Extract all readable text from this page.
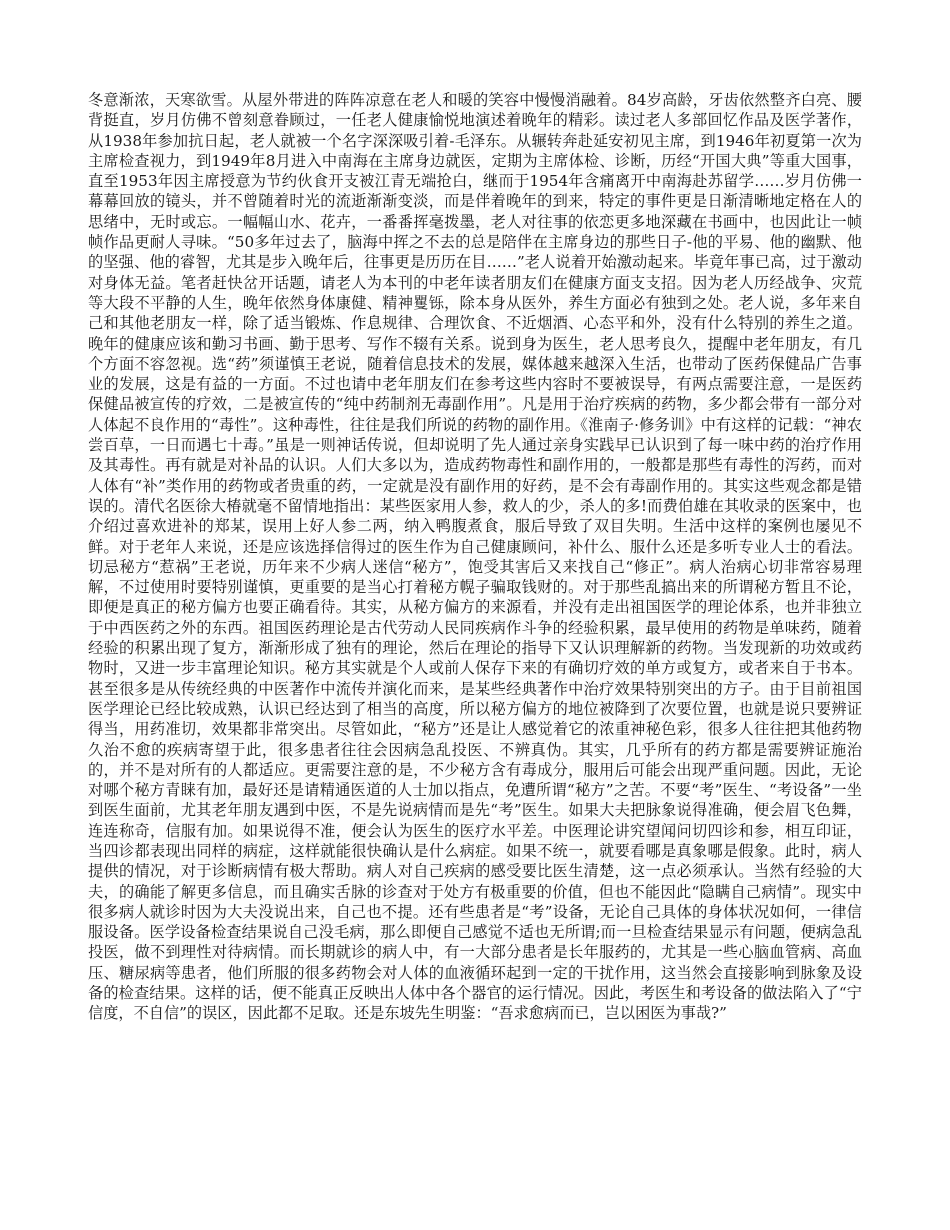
冬意渐浓，天寒欲雪。从屋外带进的阵阵凉意在老人和暖的笑容中慢慢消融着。84岁高龄，牙齿依然整齐白亮、腰背挺直，岁月仿佛不曾刻意眷顾过，一任老人健康愉悦地演述着晚年的精彩。读过老人多部回忆作品及医学著作，从1938年参加抗日起，老人就被一个名字深深吸引着-毛泽东。从辗转奔赴延安初见主席，到1946年初夏第一次为主席检查视力，到1949年8月进入中南海在主席身边就医，定期为主席体检、诊断，历经“开国大典”等重大国事，直至1953年因主席授意为节约伙食开支被江青无端抢白，继而于1954年含痛离开中南海赴苏留学……岁月仿佛一幕幕回放的镜头，并不曾随着时光的流逝渐渐变淡，而是伴着晚年的到来，特定的事件更是日渐清晰地定格在人的思绪中，无时或忘。一幅幅山水、花卉，一番番挥毫拨墨，老人对往事的依恋更多地深藏在书画中，也因此让一帧帧作品更耐人寻味。“50多年过去了，脑海中挥之不去的总是陪伴在主席身边的那些日子-他的平易、他的幽默、他的坚强、他的睿智，尤其是步入晚年后，往事更是历历在目……”老人说着开始激动起来。毕竟年事已高，过于激动对身体无益。笔者赶快岔开话题，请老人为本刊的中老年读者朋友们在健康方面支支招。因为老人历经战争、灾荒等大段不平静的人生，晚年依然身体康健、精神矍铄，除本身从医外，养生方面必有独到之处。老人说，多年来自己和其他老朋友一样，除了适当锻炼、作息规律、合理饮食、不近烟酒、心态平和外，没有什么特别的养生之道。晚年的健康应该和勤习书画、勤于思考、写作不辍有关系。说到身为医生，老人思考良久，提醒中老年朋友，有几个方面不容忽视。选“药”须谨慎王老说，随着信息技术的发展，媒体越来越深入生活，也带动了医药保健品广告事业的发展，这是有益的一方面。不过也请中老年朋友们在参考这些内容时不要被误导，有两点需要注意，一是医药保健品被宣传的疗效，二是被宣传的“纯中药制剂无毒副作用”。凡是用于治疗疾病的药物，多少都会带有一部分对人体起不良作用的“毒性”。这种毒性，往往是我们所说的药物的副作用。《淮南子·修务训》中有这样的记载：“神农尝百草，一日而遇七十毒。”虽是一则神话传说，但却说明了先人通过亲身实践早已认识到了每一味中药的治疗作用及其毒性。再有就是对补品的认识。人们大多以为，造成药物毒性和副作用的，一般都是那些有毒性的泻药，而对人体有“补”类作用的药物或者贵重的药，一定就是没有副作用的好药，是不会有毒副作用的。其实这些观念都是错误的。清代名医徐大椿就毫不留情地指出：某些医家用人参，救人的少，杀人的多!而费伯雄在其收录的医案中，也介绍过喜欢进补的郑某，误用上好人参二两，纳入鸭腹煮食，服后导致了双目失明。生活中这样的案例也屡见不鲜。对于老年人来说，还是应该选择信得过的医生作为自己健康顾问，补什么、服什么还是多听专业人士的看法。切忌秘方“惹祸”王老说，历年来不少病人迷信“秘方”，饱受其害后又来找自己“修正”。病人治病心切非常容易理解，不过使用时要特别谨慎，更重要的是当心打着秘方幌子骗取钱财的。对于那些乱搞出来的所谓秘方暂且不论，即便是真正的秘方偏方也要正确看待。其实，从秘方偏方的来源看，并没有走出祖国医学的理论体系，也并非独立于中西医药之外的东西。祖国医药理论是古代劳动人民同疾病作斗争的经验积累，最早使用的药物是单味药，随着经验的积累出现了复方，渐渐形成了独有的理论，然后在理论的指导下又认识理解新的药物。当发现新的功效或药物时，又进一步丰富理论知识。秘方其实就是个人或前人保存下来的有确切疗效的单方或复方，或者来自于书本。甚至很多是从传统经典的中医著作中流传并演化而来，是某些经典著作中治疗效果特别突出的方子。由于目前祖国医学理论已经比较成熟，认识已经达到了相当的高度，所以秘方偏方的地位被降到了次要位置，也就是说只要辨证得当，用药准切，效果都非常突出。尽管如此，“秘方”还是让人感觉着它的浓重神秘色彩，很多人往往把其他药物久治不愈的疾病寄望于此，很多患者往往会因病急乱投医、不辨真伪。其实，几乎所有的药方都是需要辨证施治的，并不是对所有的人都适应。更需要注意的是，不少秘方含有毒成分，服用后可能会出现严重问题。因此，无论对哪个秘方青睐有加，最好还是请精通医道的人士加以指点，免遭所谓“秘方”之苦。不要“考”医生、“考设备”一坐到医生面前，尤其老年朋友遇到中医，不是先说病情而是先“考”医生。如果大夫把脉象说得准确，便会眉飞色舞，连连称奇，信服有加。如果说得不准，便会认为医生的医疗水平差。中医理论讲究望闻问切四诊和参，相互印证，当四诊都表现出同样的病症，这样就能很快确认是什么病症。如果不统一，就要看哪是真象哪是假象。此时，病人提供的情况，对于诊断病情有极大帮助。病人对自己疾病的感受要比医生清楚，这一点必须承认。当然有经验的大夫，的确能了解更多信息，而且确实舌脉的诊查对于处方有极重要的价值，但也不能因此“隐瞒自己病情”。现实中很多病人就诊时因为大夫没说出来，自己也不提。还有些患者是“考”设备，无论自己具体的身体状况如何，一律信服设备。医学设备检查结果说自己没毛病，那么即便自己感觉不适也无所谓;而一旦检查结果显示有问题，便病急乱投医，做不到理性对待病情。而长期就诊的病人中，有一大部分患者是长年服药的，尤其是一些心脑血管病、高血压、糖尿病等患者，他们所服的很多药物会对人体的血液循环起到一定的干扰作用，这当然会直接影响到脉象及设备的检查结果。这样的话，便不能真正反映出人体中各个器官的运行情况。因此，考医生和考设备的做法陷入了“宁信度，不自信”的误区，因此都不足取。还是东坡先生明鉴：“吾求愈病而已，岂以困医为事哉?”
